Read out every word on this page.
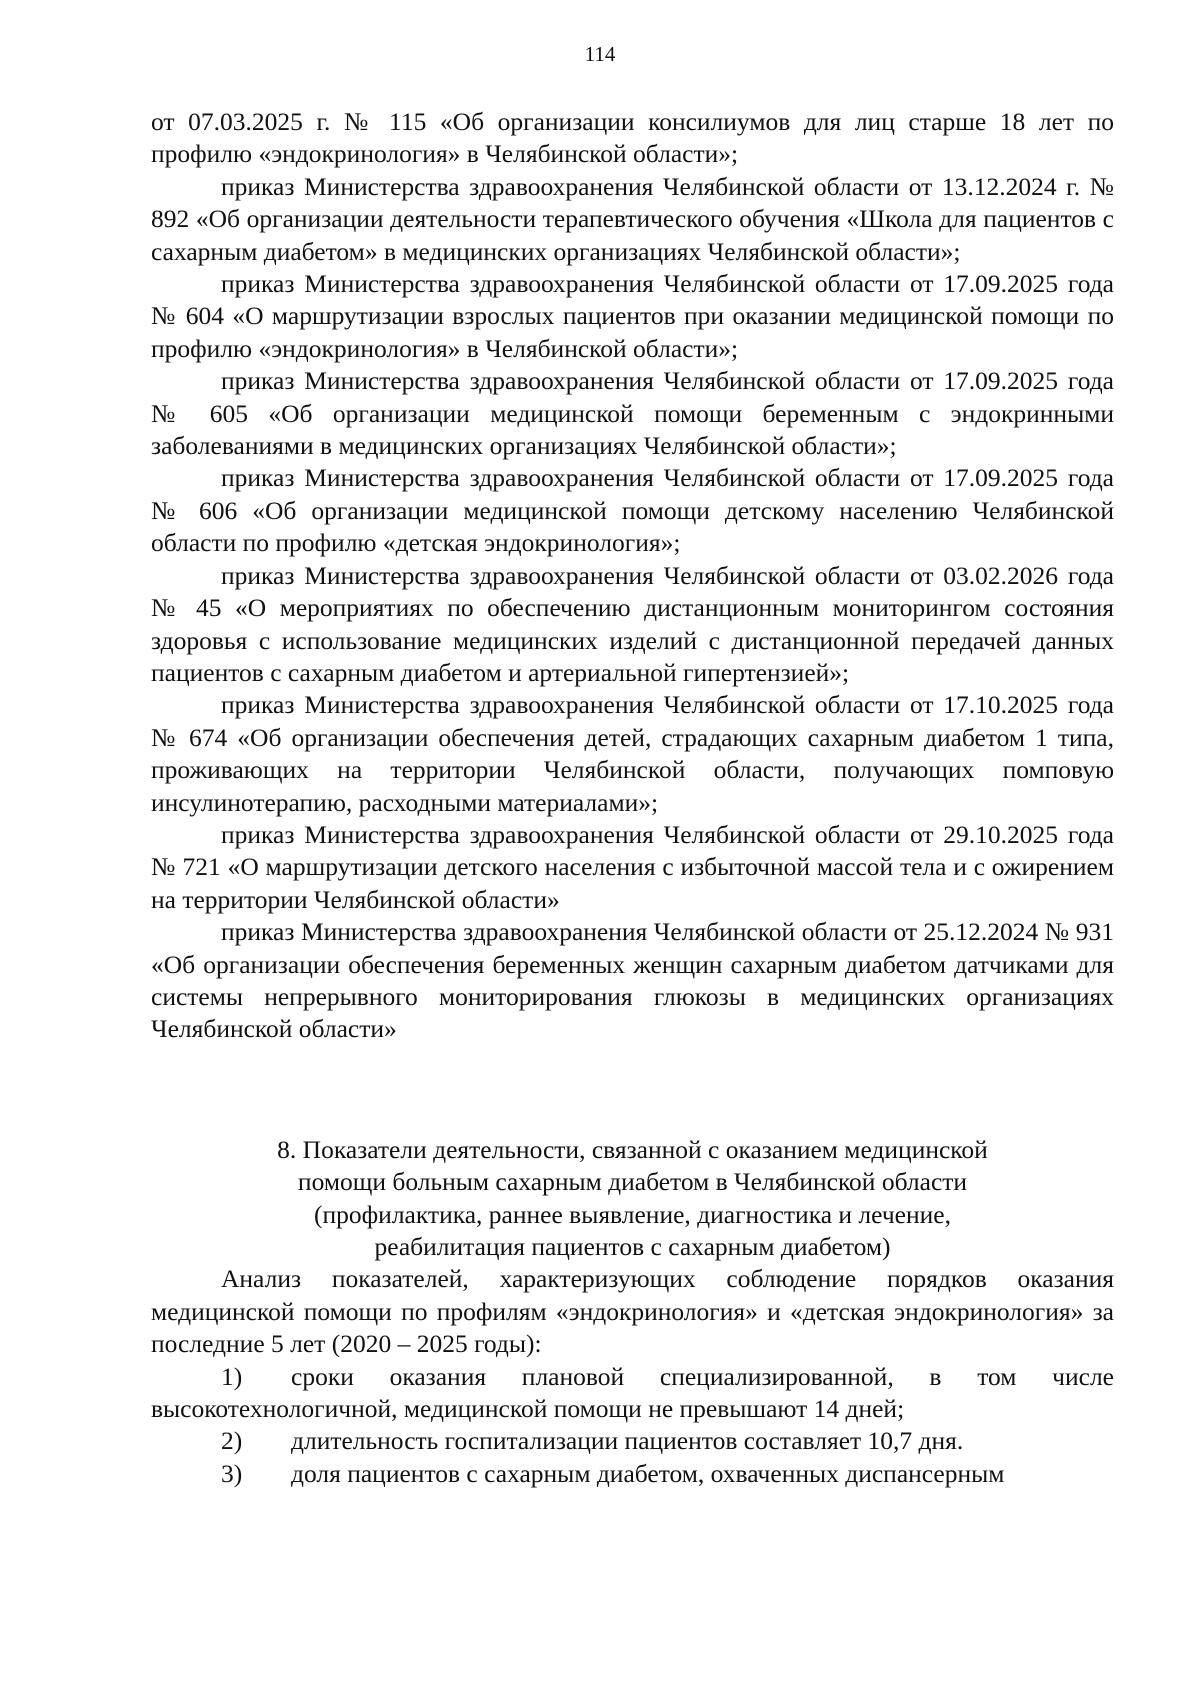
114

от 07.03.2025 г. № 115 «Об организации консилиумов для лиц старше 18 лет по профилю «эндокринология» в Челябинской области»;

приказ Министерства здравоохранения Челябинской области от 13.12.2024 г. № 892 «Об организации деятельности терапевтического обучения «Школа для пациентов с сахарным диабетом» в медицинских организациях Челябинской области»;

приказ Министерства здравоохранения Челябинской области от 17.09.2025 года № 604 «О маршрутизации взрослых пациентов при оказании медицинской помощи по профилю «эндокринология» в Челябинской области»;

приказ Министерства здравоохранения Челябинской области от 17.09.2025 года № 605 «Об организации медицинской помощи беременным с эндокринными заболеваниями в медицинских организациях Челябинской области»;

приказ Министерства здравоохранения Челябинской области от 17.09.2025 года № 606 «Об организации медицинской помощи детскому населению Челябинской области по профилю «детская эндокринология»;

приказ Министерства здравоохранения Челябинской области от 03.02.2026 года № 45 «О мероприятиях по обеспечению дистанционным мониторингом состояния здоровья с использование медицинских изделий с дистанционной передачей данных пациентов с сахарным диабетом и артериальной гипертензией»;

приказ Министерства здравоохранения Челябинской области от 17.10.2025 года № 674 «Об организации обеспечения детей, страдающих сахарным диабетом 1 типа, проживающих на территории Челябинской области, получающих помповую инсулинотерапию, расходными материалами»;

приказ Министерства здравоохранения Челябинской области от 29.10.2025 года № 721 «О маршрутизации детского населения с избыточной массой тела и с ожирением на территории Челябинской области»

приказ Министерства здравоохранения Челябинской области от 25.12.2024 № 931 «Об организации обеспечения беременных женщин сахарным диабетом датчиками для системы непрерывного мониторирования глюкозы в медицинских организациях Челябинской области»

8. Показатели деятельности, связанной с оказанием медицинской
помощи больным сахарным диабетом в Челябинской области
(профилактика, раннее выявление, диагностика и лечение,
реабилитация пациентов с сахарным диабетом)

Анализ показателей, характеризующих соблюдение порядков оказания медицинской помощи по профилям «эндокринология» и «детская эндокринология» за последние 5 лет (2020 – 2025 годы):

1) сроки оказания плановой специализированной, в том числе высокотехнологичной, медицинской помощи не превышают 14 дней;

2) длительность госпитализации пациентов составляет 10,7 дня.

3) доля пациентов с сахарным диабетом, охваченных диспансерным
